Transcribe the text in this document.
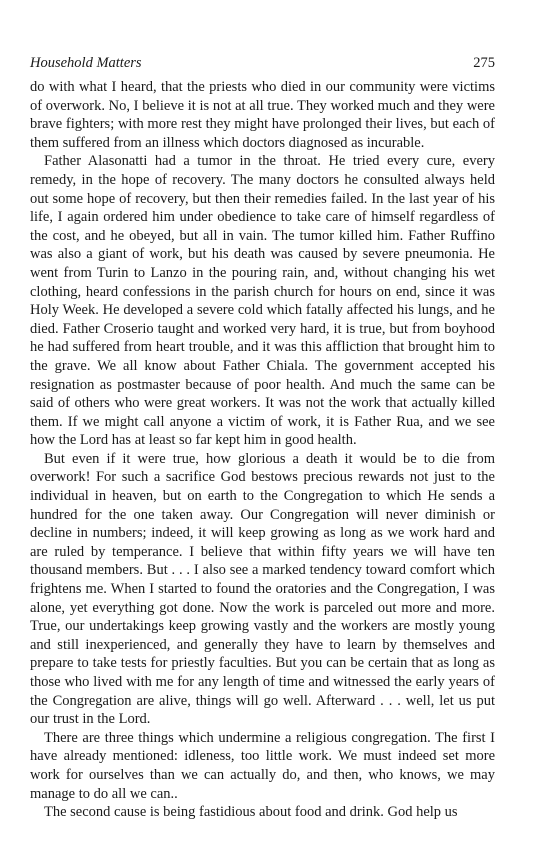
Household Matters	275

do with what I heard, that the priests who died in our community were victims of overwork. No, I believe it is not at all true. They worked much and they were brave fighters; with more rest they might have prolonged their lives, but each of them suffered from an illness which doctors diagnosed as incurable.

Father Alasonatti had a tumor in the throat. He tried every cure, every remedy, in the hope of recovery. The many doctors he consulted always held out some hope of recovery, but then their remedies failed. In the last year of his life, I again ordered him under obedience to take care of himself regardless of the cost, and he obeyed, but all in vain. The tumor killed him. Father Ruffino was also a giant of work, but his death was caused by severe pneumonia. He went from Turin to Lanzo in the pouring rain, and, without changing his wet clothing, heard confessions in the parish church for hours on end, since it was Holy Week. He developed a severe cold which fatally affected his lungs, and he died. Father Croserio taught and worked very hard, it is true, but from boyhood he had suffered from heart trouble, and it was this affliction that brought him to the grave. We all know about Father Chiala. The government accepted his resignation as postmaster because of poor health. And much the same can be said of others who were great workers. It was not the work that actually killed them. If we might call anyone a victim of work, it is Father Rua, and we see how the Lord has at least so far kept him in good health.

But even if it were true, how glorious a death it would be to die from overwork! For such a sacrifice God bestows precious rewards not just to the individual in heaven, but on earth to the Congregation to which He sends a hundred for the one taken away. Our Congregation will never diminish or decline in numbers; indeed, it will keep growing as long as we work hard and are ruled by temperance. I believe that within fifty years we will have ten thousand members. But . . . I also see a marked tendency toward comfort which frightens me. When I started to found the oratories and the Congregation, I was alone, yet everything got done. Now the work is parceled out more and more. True, our undertakings keep growing vastly and the workers are mostly young and still inexperienced, and generally they have to learn by themselves and prepare to take tests for priestly faculties. But you can be certain that as long as those who lived with me for any length of time and witnessed the early years of the Congregation are alive, things will go well. Afterward . . . well, let us put our trust in the Lord.

There are three things which undermine a religious congregation. The first I have already mentioned: idleness, too little work. We must indeed set more work for ourselves than we can actually do, and then, who knows, we may manage to do all we can..

The second cause is being fastidious about food and drink. God help us
